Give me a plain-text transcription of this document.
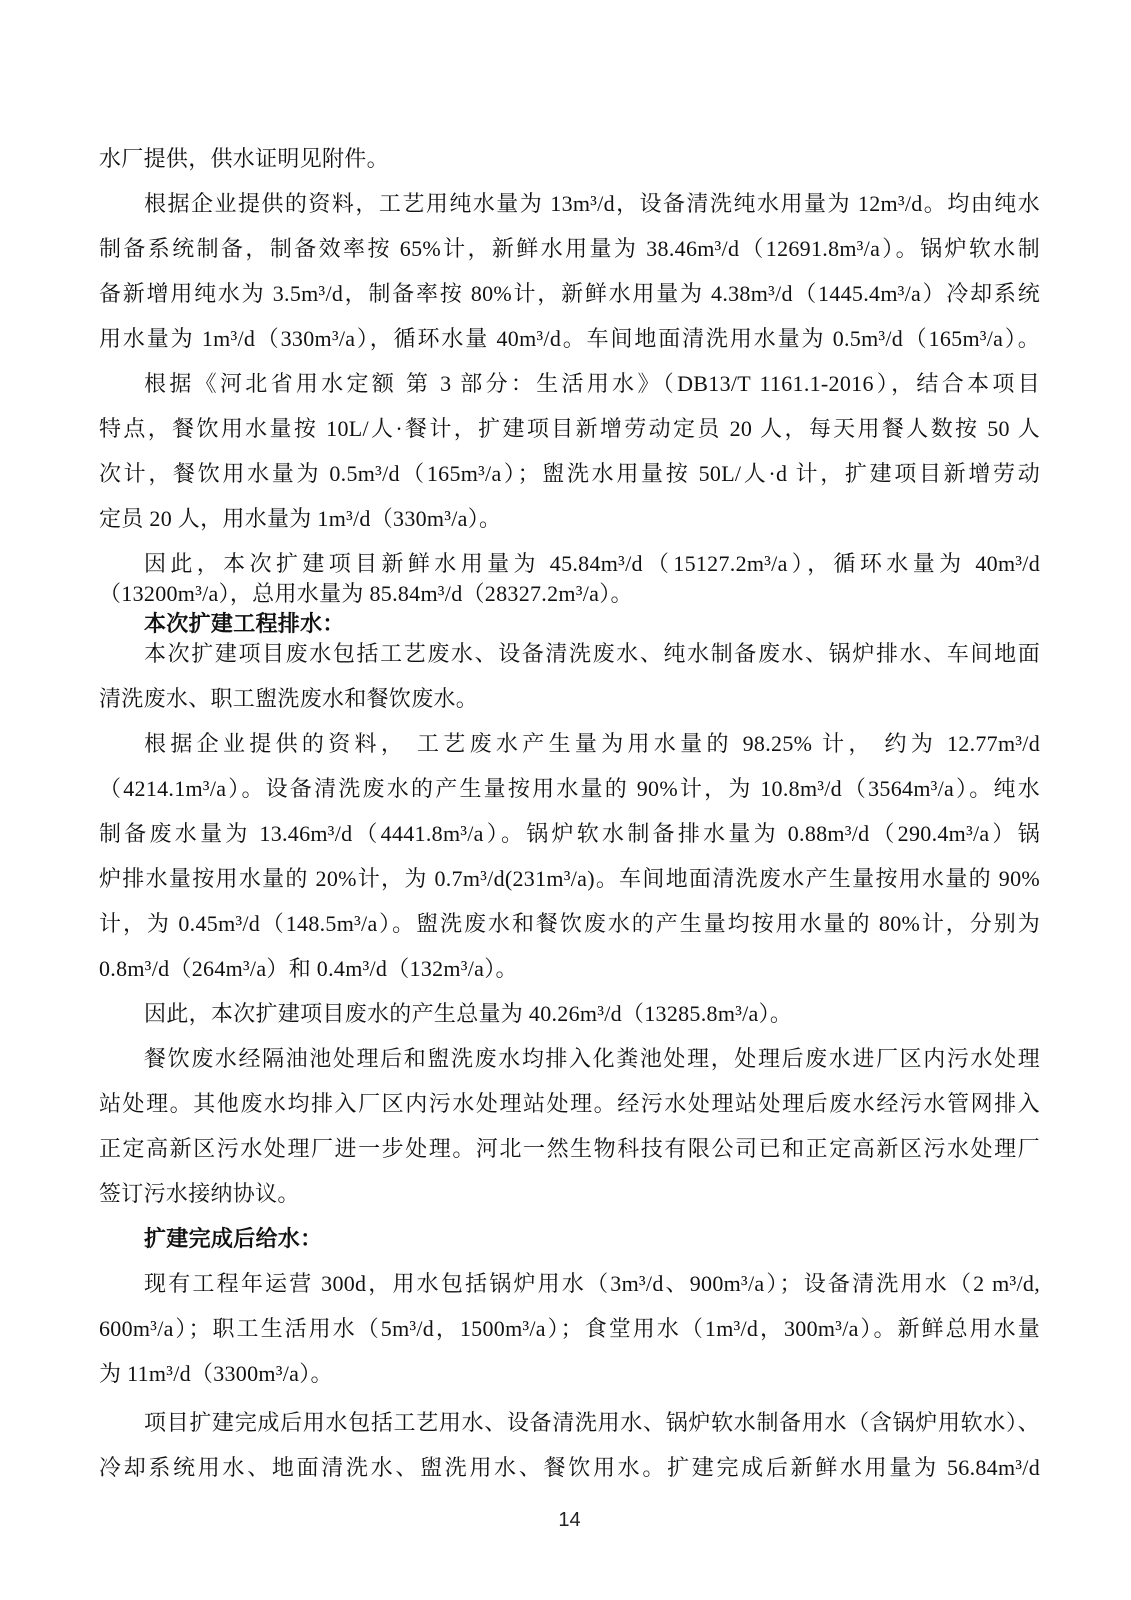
水厂提供，供水证明见附件。
根据企业提供的资料，工艺用纯水量为 13m³/d，设备清洗纯水用量为 12m³/d。均由纯水
制备系统制备，制备效率按 65%计，新鲜水用量为 38.46m³/d（12691.8m³/a）。锅炉软水制
备新增用纯水为 3.5m³/d，制备率按 80%计，新鲜水用量为 4.38m³/d（1445.4m³/a）冷却系统
用水量为 1m³/d（330m³/a），循环水量 40m³/d。车间地面清洗用水量为 0.5m³/d（165m³/a）。
根据《河北省用水定额 第 3 部分：生活用水》（DB13/T 1161.1-2016），结合本项目
特点，餐饮用水量按 10L/人·餐计，扩建项目新增劳动定员 20 人，每天用餐人数按 50 人
次计，餐饮用水量为 0.5m³/d（165m³/a）；盥洗水用量按 50L/人·d 计，扩建项目新增劳动
定员 20 人，用水量为 1m³/d（330m³/a）。
因此，本次扩建项目新鲜水用量为 45.84m³/d（15127.2m³/a），循环水量为 40m³/d
（13200m³/a），总用水量为 85.84m³/d（28327.2m³/a）。
本次扩建工程排水：
本次扩建项目废水包括工艺废水、设备清洗废水、纯水制备废水、锅炉排水、车间地面
清洗废水、职工盥洗废水和餐饮废水。
根据企业提供的资料， 工艺废水产生量为用水量的 98.25% 计， 约为 12.77m³/d
（4214.1m³/a）。设备清洗废水的产生量按用水量的 90%计，为 10.8m³/d（3564m³/a）。纯水
制备废水量为 13.46m³/d（4441.8m³/a）。锅炉软水制备排水量为 0.88m³/d（290.4m³/a）锅
炉排水量按用水量的 20%计，为 0.7m³/d(231m³/a)。车间地面清洗废水产生量按用水量的 90%
计，为 0.45m³/d（148.5m³/a）。盥洗废水和餐饮废水的产生量均按用水量的 80%计，分别为
0.8m³/d（264m³/a）和 0.4m³/d（132m³/a）。
因此，本次扩建项目废水的产生总量为 40.26m³/d（13285.8m³/a）。
餐饮废水经隔油池处理后和盥洗废水均排入化粪池处理，处理后废水进厂区内污水处理
站处理。其他废水均排入厂区内污水处理站处理。经污水处理站处理后废水经污水管网排入
正定高新区污水处理厂进一步处理。河北一然生物科技有限公司已和正定高新区污水处理厂
签订污水接纳协议。
扩建完成后给水：
现有工程年运营 300d，用水包括锅炉用水（3m³/d、900m³/a）；设备清洗用水（2 m³/d,
600m³/a）；职工生活用水（5m³/d，1500m³/a）；食堂用水（1m³/d，300m³/a）。新鲜总用水量
为 11m³/d（3300m³/a）。
项目扩建完成后用水包括工艺用水、设备清洗用水、锅炉软水制备用水（含锅炉用软水）、
冷却系统用水、地面清洗水、盥洗用水、餐饮用水。扩建完成后新鲜水用量为 56.84m³/d
14
